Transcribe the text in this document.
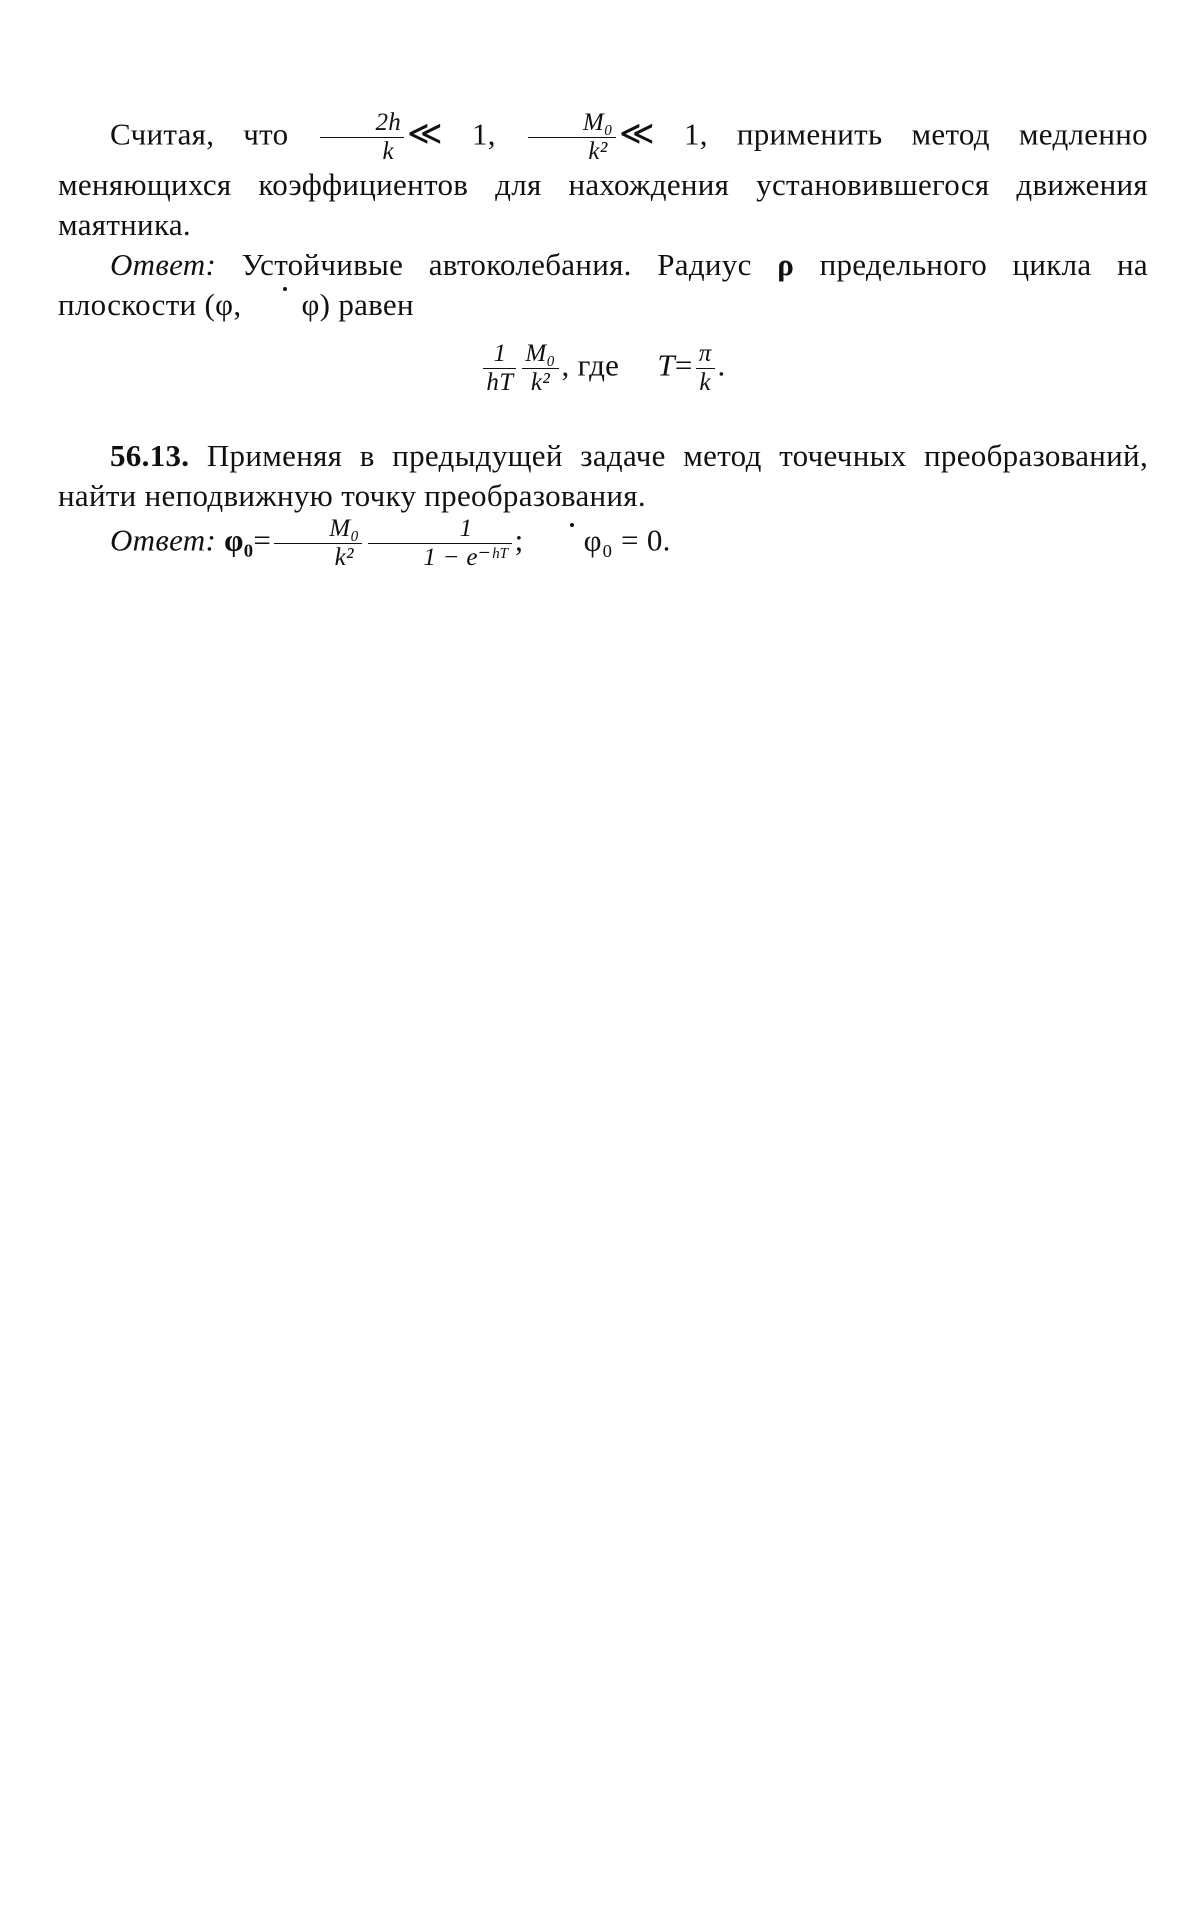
Считая, что $\frac{2h}{k}$ ≪ 1, $\frac{\text{M₀}}{\text{k²}}$ ≪ 1, применить метод медленно меняющихся коэффициентов для нахождения установившегося движения маятника.

Ответ: Устойчивые автоколебания. Радиус ρ предельного цикла на плоскости (φ, φ) равен

$\frac{1}{hT} \frac{\text{M₀}}{\text{k²}}$ , где $T= \frac{\pi}{k}$ .

56.13. Применяя в предыдущей задаче метод точечных преобразований, найти неподвижную точку преобразования.

Ответ: $\varphi_0= \frac{\text{M₀}}{\text{k²}} \frac{1}{\text{1 − e⁻ʰᵀ}}$ ; φ₀ = 0.
